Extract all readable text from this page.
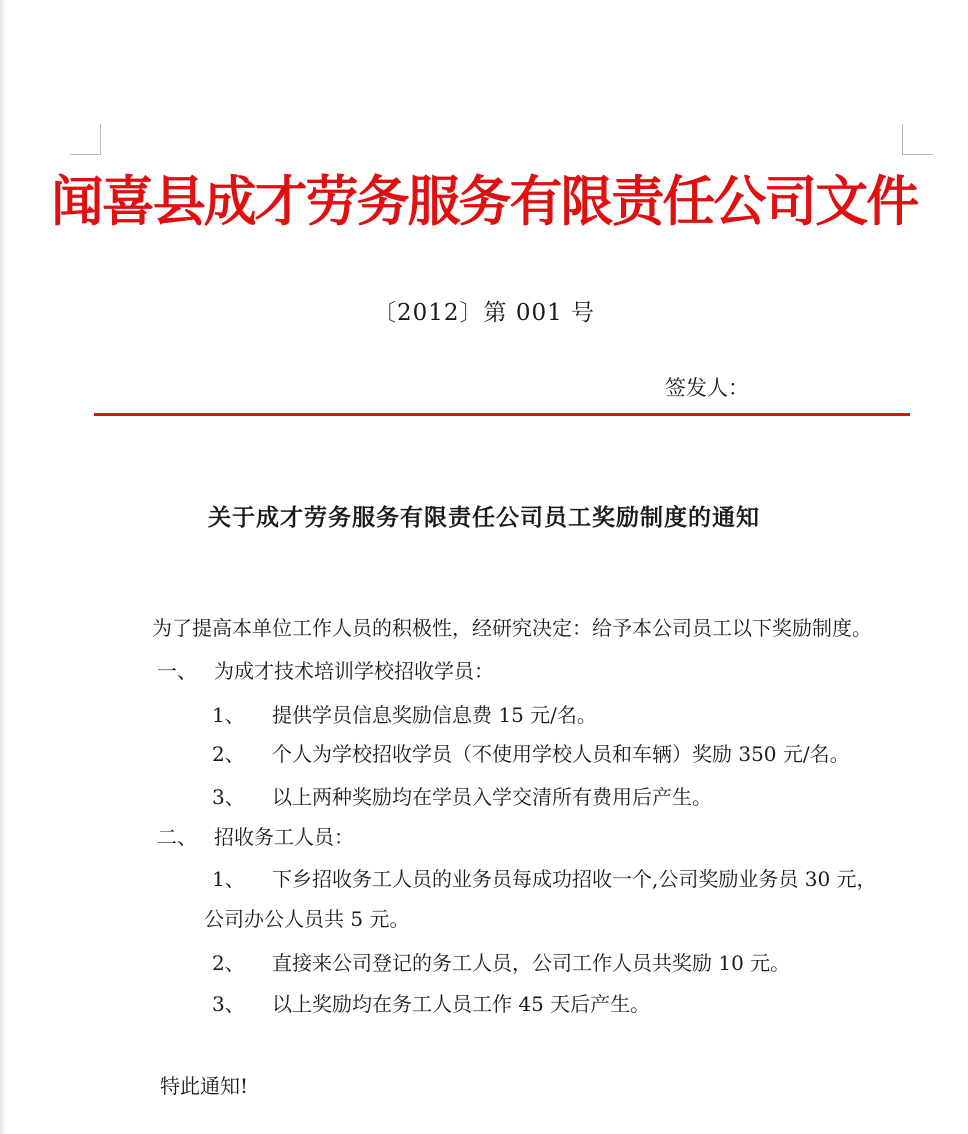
闻喜县成才劳务服务有限责任公司文件
〔2012〕第 001 号
签发人：
关于成才劳务服务有限责任公司员工奖励制度的通知
为了提高本单位工作人员的积极性，经研究决定：给予本公司员工以下奖励制度。
一、 为成才技术培训学校招收学员：
1、 提供学员信息奖励信息费 15 元/名。
2、 个人为学校招收学员（不使用学校人员和车辆）奖励 350 元/名。
3、 以上两种奖励均在学员入学交清所有费用后产生。
二、 招收务工人员：
1、 下乡招收务工人员的业务员每成功招收一个,公司奖励业务员 30 元，
公司办公人员共 5 元。
2、 直接来公司登记的务工人员，公司工作人员共奖励 10 元。
3、 以上奖励均在务工人员工作 45 天后产生。
特此通知!
